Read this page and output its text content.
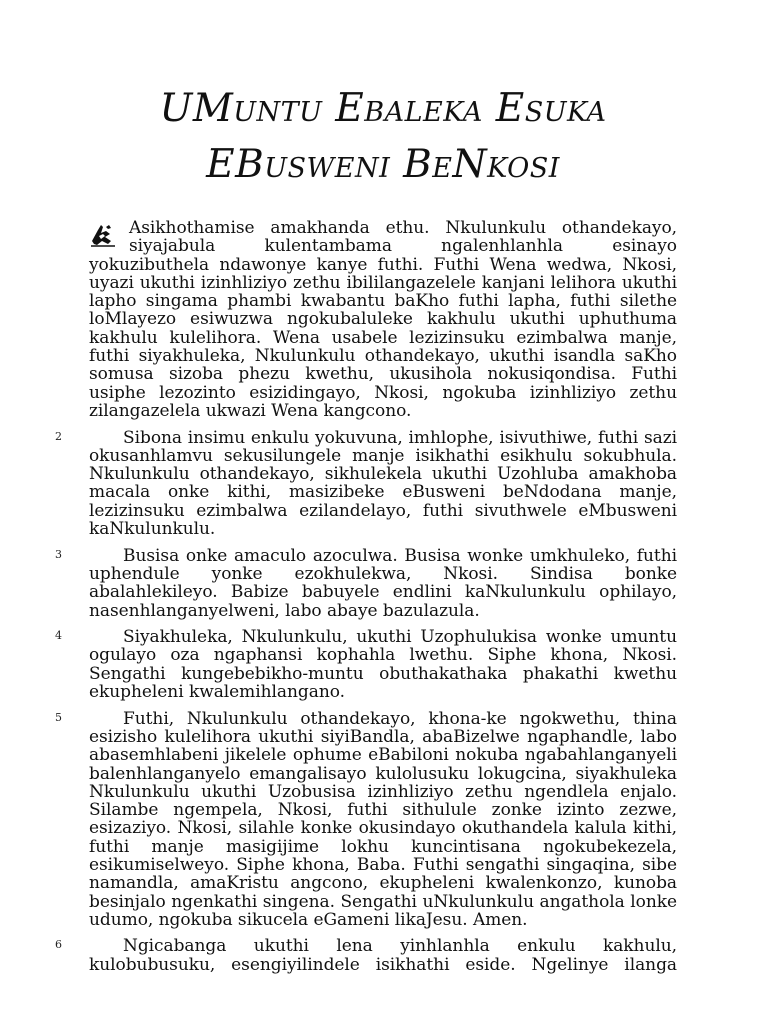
UMuntu Ebaleka Esuka
EBusweni BeNkosi
Asikhothamise amakhanda ethu. Nkulunkulu othandekayo, siyajabula kulentambama ngalenhlanhla esinayo
yokuzibuthela ndawonye kanye futhi. Futhi Wena wedwa, Nkosi, uyazi ukuthi izinhliziyo zethu ibililangazelele kanjani lelihora ukuthi lapho singama phambi kwabantu baKho futhi lapha, futhi silethe loMlayezo esiwuzwa ngokubaluleke kakhulu ukuthi uphuthuma kakhulu kulelihora. Wena usabele lezizinsuku ezimbalwa manje, futhi siyakhuleka, Nkulunkulu othandekayo, ukuthi isandla saKho somusa sizoba phezu kwethu, ukusihola nokusiqondisa. Futhi usiphe lezozinto esizidingayo, Nkosi, ngokuba izinhliziyo zethu zilangazelela ukwazi Wena kangcono.

2	Sibona insimu enkulu yokuvuna, imhlophe, isivuthiwe, futhi sazi okusanhlamvu sekusilungele manje isikhathi esikhulu sokubhula. Nkulunkulu othandekayo, sikhulekela ukuthi Uzohluba amakhoba macala onke kithi, masizibeke eBusweni beNdodana manje, lezizinsuku ezimbalwa ezilandelayo, futhi sivuthwele eMbusweni kaNkulunkulu.

3	Busisa onke amaculo azoculwa. Busisa wonke umkhuleko, futhi uphendule yonke ezokhulekwa, Nkosi. Sindisa bonke abalahlekileyo. Babize babuyele endlini kaNkulunkulu ophilayo, nasenhlanganyelweni, labo abaye bazulazula.

4	Siyakhuleka, Nkulunkulu, ukuthi Uzophulukisa wonke umuntu ogulayo oza ngaphansi kophahla lwethu. Siphe khona, Nkosi. Sengathi kungebebikho-muntu obuthakathaka phakathi kwethu ekupheleni kwalemihlangano.

5	Futhi, Nkulunkulu othandekayo, khona-ke ngokwethu, thina esizisho kulelihora ukuthi siyiBandla, abaBizelwe ngaphandle, labo abasemhlabeni jikelele ophume eBabiloni nokuba ngabahlanganyeli balenhlanganyelo emangalisayo kulolusuku lokugcina, siyakhuleka Nkulunkulu ukuthi Uzobusisa izinhliziyo zethu ngendlela enjalo. Silambe ngempela, Nkosi, futhi sithulule zonke izinto zezwe, esizaziyo. Nkosi, silahle konke okusindayo okuthandela kalula kithi, futhi manje masigijime lokhu kuncintisana ngokubekezela, esikumiselweyo. Siphe khona, Baba. Futhi sengathi singaqina, sibe namandla, amaKristu angcono, ekupheleni kwalenkonzo, kunoba besinjalo ngenkathi singena. Sengathi uNkulunkulu angathola lonke udumo, ngokuba sikucela eGameni likaJesu. Amen.

6	Ngicabanga ukuthi lena yinhlanhla enkulu kakhulu, kulobubusuku, esengiyilindele isikhathi eside. Ngelinye ilanga
